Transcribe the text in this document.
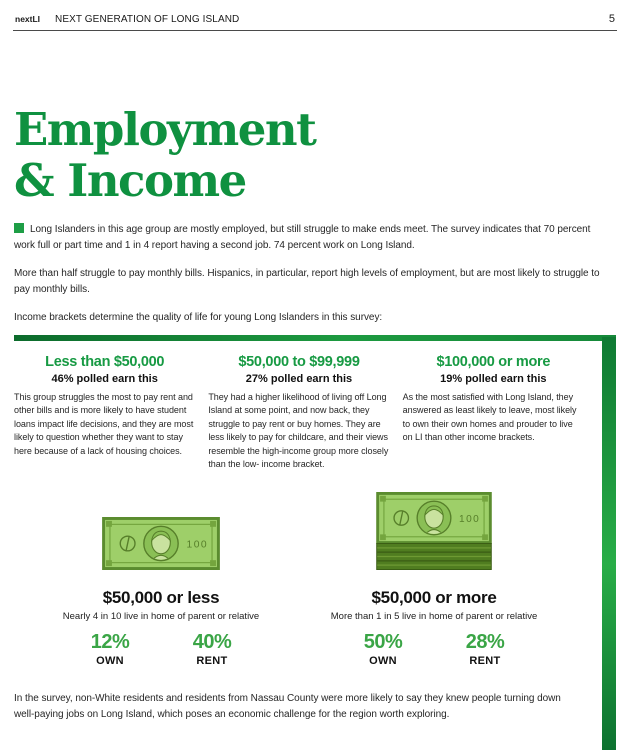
nextLI NEXT GENERATION OF LONG ISLAND	5
Employment
& Income

Long Islanders in this age group are mostly employed, but still struggle to make ends meet. The survey indicates that 70 percent work full or part time and 1 in 4 report having a second job. 74 percent work on Long Island.

More than half struggle to pay monthly bills. Hispanics, in particular, report high levels of employment, but are most likely to struggle to pay monthly bills.

Income brackets determine the quality of life for young Long Islanders in this survey:

Less than $50,000
46% polled earn this
This group struggles the most to pay rent and other bills and is more likely to have student loans impact life decisions, and they are most likely to question whether they want to stay here because of a lack of housing choices.
$50,000 to $99,999
27% polled earn this
They had a higher likelihood of living off Long Island at some point, and now back, they struggle to pay rent or buy homes. They are less likely to pay for childcare, and their views resemble the high-income group more closely than the low- income bracket.
$100,000 or more
19% polled earn this
As the most satisfied with Long Island, they answered as least likely to leave, most likely to own their own homes and prouder to live on LI than other income brackets.
100
$50,000 or less
Nearly 4 in 10 live in home of parent or relative
12%
OWN
40%
RENT
100
$50,000 or more
More than 1 in 5 live in home of parent or relative
50%
OWN
28%
RENT

In the survey, non-White residents and residents from Nassau County were more likely to say they knew people turning down well-paying jobs on Long Island, which poses an economic challenge for the region worth exploring.
